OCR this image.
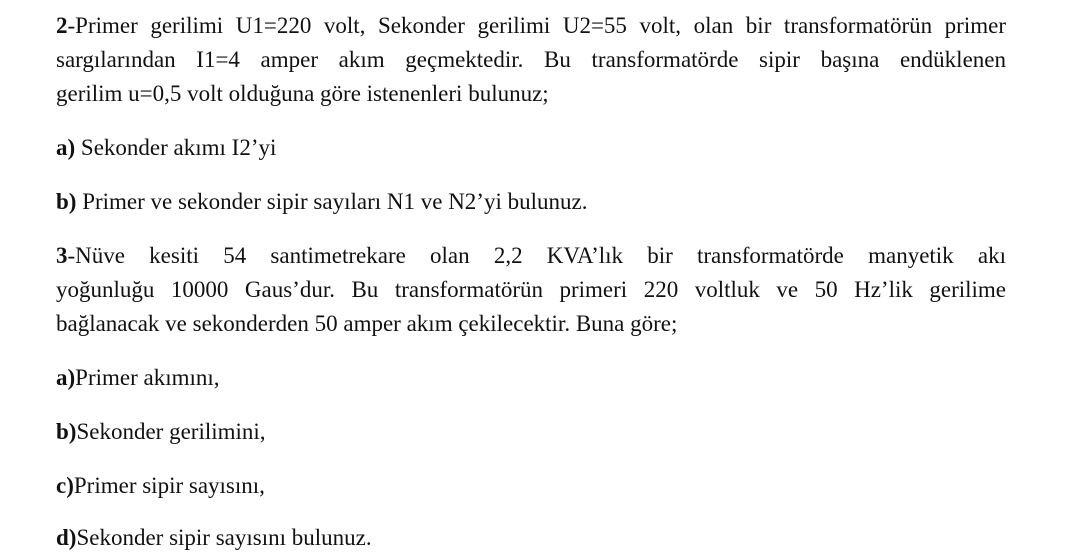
2-Primer gerilimi U1=220 volt, Sekonder gerilimi U2=55 volt, olan bir transformatörün primer
sargılarından I1=4 amper akım geçmektedir. Bu transformatörde sipir başına endüklenen
gerilim u=0,5 volt olduğuna göre istenenleri bulunuz;
a) Sekonder akımı I2’yi
b) Primer ve sekonder sipir sayıları N1 ve N2’yi bulunuz.
3-Nüve kesiti 54 santimetrekare olan 2,2 KVA’lık bir transformatörde manyetik akı
yoğunluğu 10000 Gaus’dur. Bu transformatörün primeri 220 voltluk ve 50 Hz’lik gerilime
bağlanacak ve sekonderden 50 amper akım çekilecektir. Buna göre;
a)Primer akımını,
b)Sekonder gerilimini,
c)Primer sipir sayısını,
d)Sekonder sipir sayısını bulunuz.
